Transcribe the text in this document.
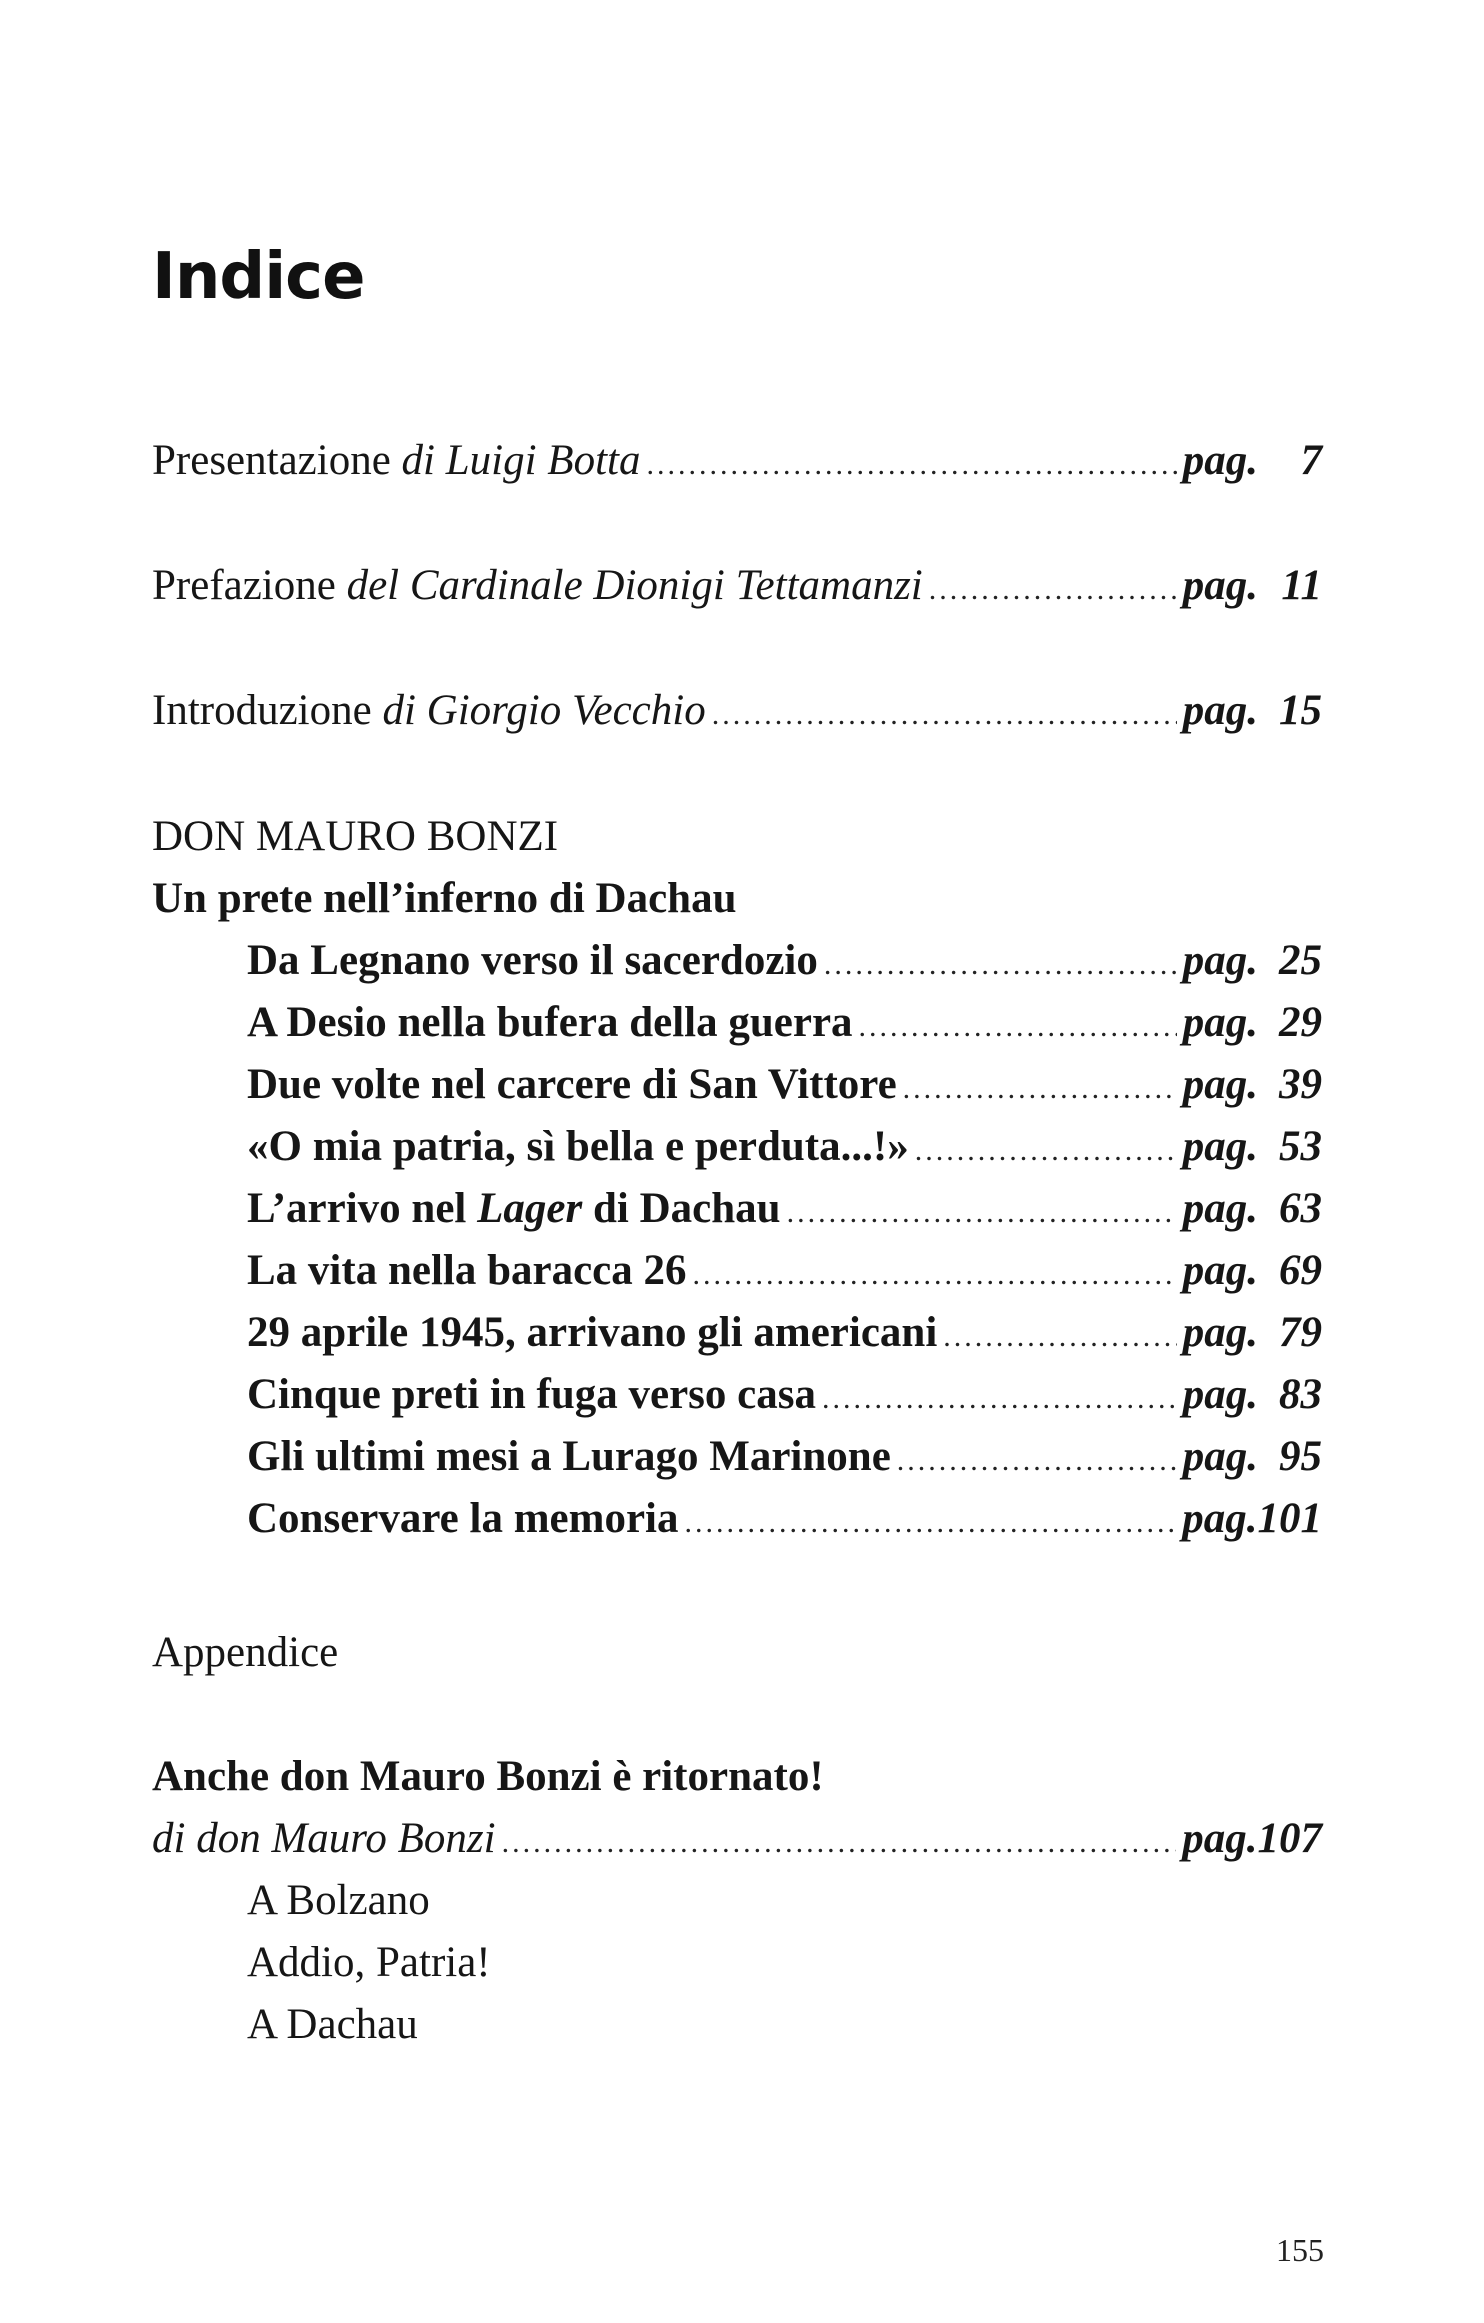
Indice
Presentazione di Luigi Botta .....	pag. 7
Prefazione del Cardinale Dionigi Tettamanzi .....	pag. 11
Introduzione di Giorgio Vecchio .....	pag. 15
DON MAURO BONZI
Un prete nell’inferno di Dachau
Da Legnano verso il sacerdozio .....	pag. 25
A Desio nella bufera della guerra .....	pag. 29
Due volte nel carcere di San Vittore .....	pag. 39
«O mia patria, sì bella e perduta...!» .....	pag. 53
L’arrivo nel Lager di Dachau .....	pag. 63
La vita nella baracca 26 .....	pag. 69
29 aprile 1945, arrivano gli americani .....	pag. 79
Cinque preti in fuga verso casa .....	pag. 83
Gli ultimi mesi a Lurago Marinone .....	pag. 95
Conservare la memoria .....	pag. 101
Appendice
Anche don Mauro Bonzi è ritornato!
di don Mauro Bonzi .....	pag. 107
A Bolzano
Addio, Patria!
A Dachau
155
